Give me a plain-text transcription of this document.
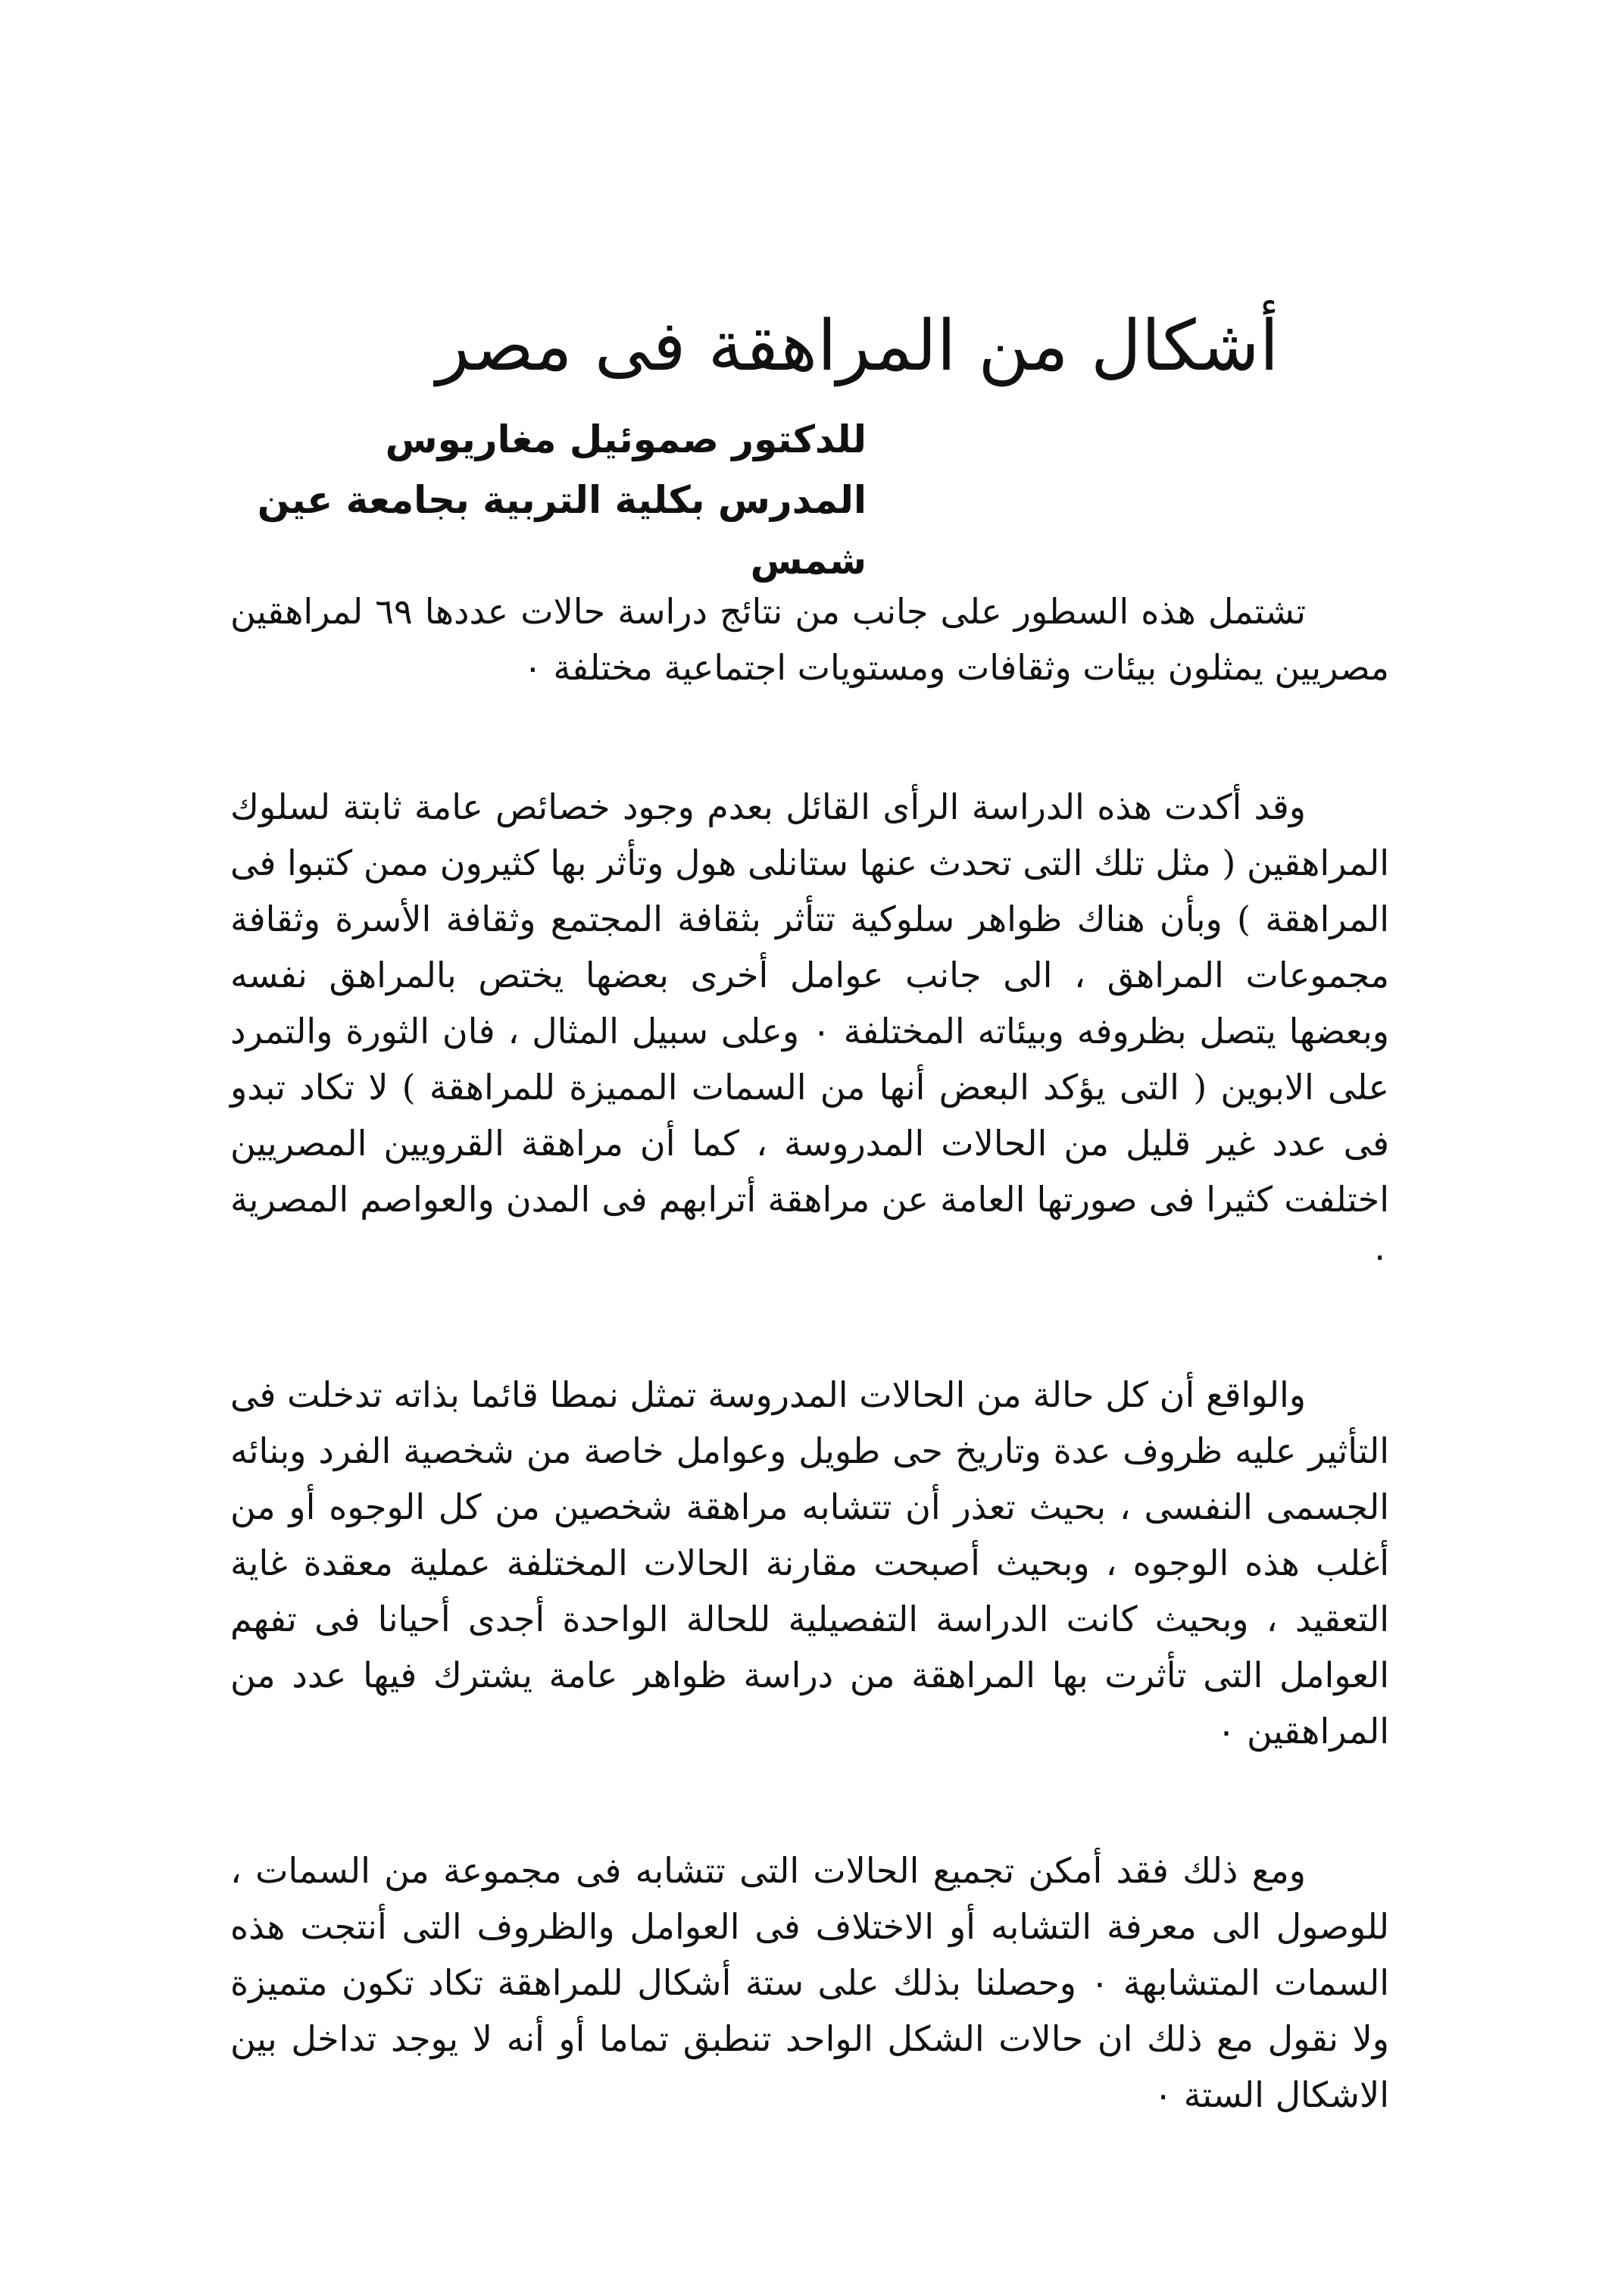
أشكال من المراهقة فى مصر
للدكتور صموئيل مغاريوس
المدرس بكلية التربية بجامعة عين شمس

تشتمل هذه السطور على جانب من نتائج دراسة حالات عددها ٦٩ لمراهقين مصريين يمثلون بيئات وثقافات ومستويات اجتماعية مختلفة ٠

وقد أكدت هذه الدراسة الرأى القائل بعدم وجود خصائص عامة ثابتة لسلوك المراهقين ( مثل تلك التى تحدث عنها ستانلى هول وتأثر بها كثيرون ممن كتبوا فى المراهقة ) وبأن هناك ظواهر سلوكية تتأثر بثقافة المجتمع وثقافة الأسرة وثقافة مجموعات المراهق ، الى جانب عوامل أخرى بعضها يختص بالمراهق نفسه وبعضها يتصل بظروفه وبيئاته المختلفة ٠ وعلى سبيل المثال ، فان الثورة والتمرد على الابوين ( التى يؤكد البعض أنها من السمات المميزة للمراهقة ) لا تكاد تبدو فى عدد غير قليل من الحالات المدروسة ، كما أن مراهقة القرويين المصريين اختلفت كثيرا فى صورتها العامة عن مراهقة أترابهم فى المدن والعواصم المصرية ٠

والواقع أن كل حالة من الحالات المدروسة تمثل نمطا قائما بذاته تدخلت فى التأثير عليه ظروف عدة وتاريخ حى طويل وعوامل خاصة من شخصية الفرد وبنائه الجسمى النفسى ، بحيث تعذر أن تتشابه مراهقة شخصين من كل الوجوه أو من أغلب هذه الوجوه ، وبحيث أصبحت مقارنة الحالات المختلفة عملية معقدة غاية التعقيد ، وبحيث كانت الدراسة التفصيلية للحالة الواحدة أجدى أحيانا فى تفهم العوامل التى تأثرت بها المراهقة من دراسة ظواهر عامة يشترك فيها عدد من المراهقين ٠

ومع ذلك فقد أمكن تجميع الحالات التى تتشابه فى مجموعة من السمات ، للوصول الى معرفة التشابه أو الاختلاف فى العوامل والظروف التى أنتجت هذه السمات المتشابهة ٠ وحصلنا بذلك على ستة أشكال للمراهقة تكاد تكون متميزة ولا نقول مع ذلك ان حالات الشكل الواحد تنطبق تماما أو أنه لا يوجد تداخل بين الاشكال الستة ٠
